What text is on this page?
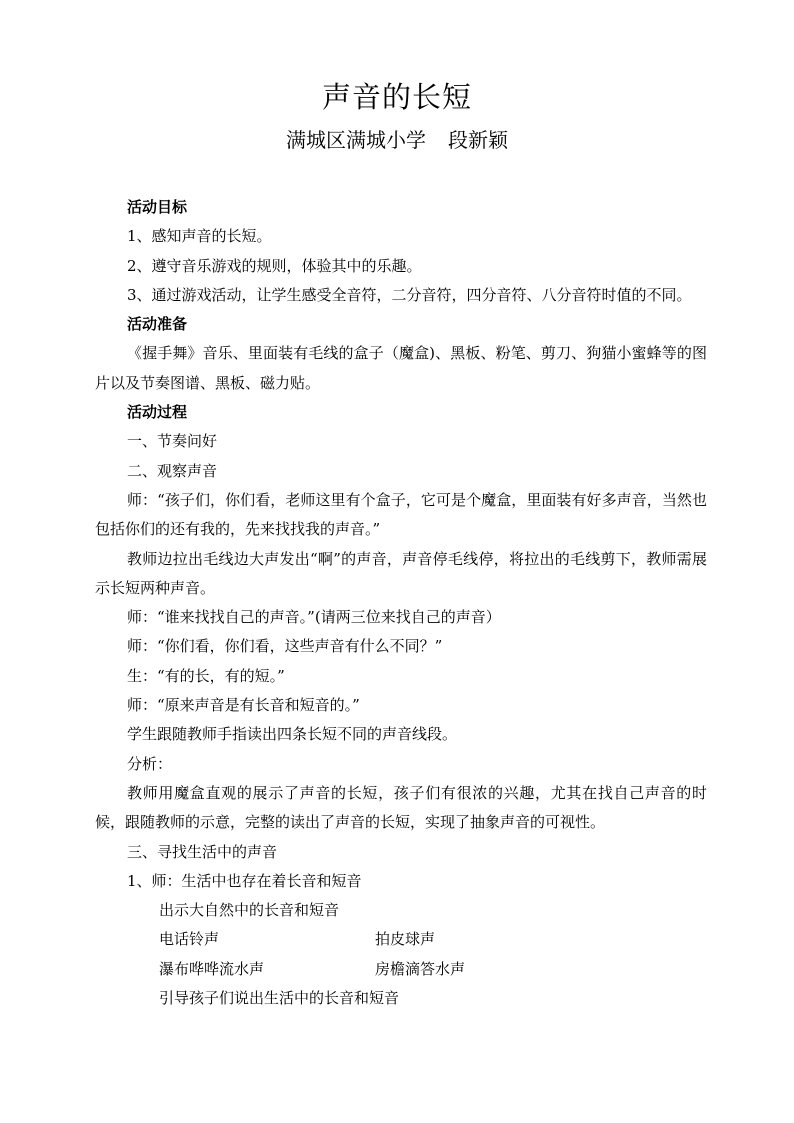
声音的长短
满城区满城小学 段新颖

活动目标

1、感知声音的长短。

2、遵守音乐游戏的规则，体验其中的乐趣。

3、通过游戏活动，让学生感受全音符，二分音符，四分音符、八分音符时值的不同。

活动准备

《握手舞》音乐、里面装有毛线的盒子（魔盒)、黑板、粉笔、剪刀、狗猫小蜜蜂等的图片以及节奏图谱、黑板、磁力贴。

活动过程

一、节奏问好

二、观察声音

师：“孩子们，你们看，老师这里有个盒子，它可是个魔盒，里面装有好多声音，当然也包括你们的还有我的，先来找找我的声音。”

教师边拉出毛线边大声发出“啊”的声音，声音停毛线停，将拉出的毛线剪下，教师需展示长短两种声音。

师：“谁来找找自己的声音。”(请两三位来找自己的声音）

师：“你们看，你们看，这些声音有什么不同？”

生：“有的长，有的短。”

师：“原来声音是有长音和短音的。”

学生跟随教师手指读出四条长短不同的声音线段。

分析：

教师用魔盒直观的展示了声音的长短，孩子们有很浓的兴趣，尤其在找自己声音的时候，跟随教师的示意，完整的读出了声音的长短，实现了抽象声音的可视性。

三、寻找生活中的声音

1、师：生活中也存在着长音和短音

出示大自然中的长音和短音

电话铃声	拍皮球声

瀑布哗哗流水声	房檐滴答水声

引导孩子们说出生活中的长音和短音
